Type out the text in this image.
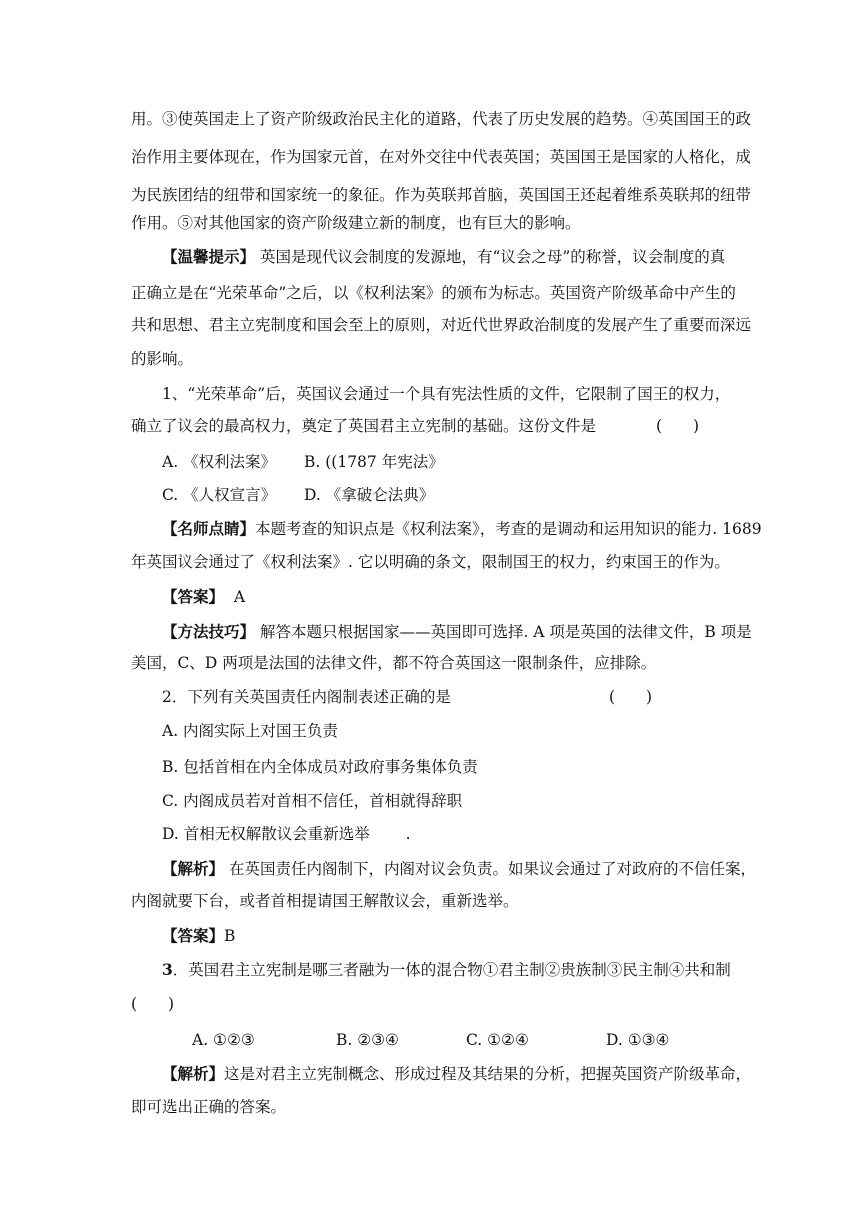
用。③使英国走上了资产阶级政治民主化的道路，代表了历史发展的趋势。④英国国王的政

治作用主要体现在，作为国家元首，在对外交往中代表英国；英国国王是国家的人格化，成

为民族团结的纽带和国家统一的象征。作为英联邦首脑，英国国王还起着维系英联邦的纽带

作用。⑤对其他国家的资产阶级建立新的制度，也有巨大的影响。

【温馨提示】 英国是现代议会制度的发源地，有“议会之母”的称誉，议会制度的真

正确立是在“光荣革命”之后，以《权利法案》的颁布为标志。英国资产阶级革命中产生的

共和思想、君主立宪制度和国会至上的原则，对近代世界政治制度的发展产生了重要而深远

的影响。

1、“光荣革命”后，英国议会通过一个具有宪法性质的文件，它限制了国王的权力，

确立了议会的最高权力，奠定了英国君主立宪制的基础。这份文件是	(　　)

A. 《权利法案》 B. ((1787 年宪法》

C. 《人权宣言》 D. 《拿破仑法典》

【名师点睛】本题考查的知识点是《权利法案》，考查的是调动和运用知识的能力. 1689

年英国议会通过了《权利法案》. 它以明确的条文，限制国王的权力，约束国王的作为。

【答案】  A

【方法技巧】 解答本题只根据国家——英国即可选择. A 项是英国的法律文件，B 项是

美国，C、D 两项是法国的法律文件，都不符合英国这一限制条件，应排除。

2．下列有关英国责任内阁制表述正确的是	(　　)

A. 内阁实际上对国王负责

B. 包括首相在内全体成员对政府事务集体负责

C. 内阁成员若对首相不信任，首相就得辞职

D. 首相无权解散议会重新选举　　 .

【解析】 在英国责任内阁制下，内阁对议会负责。如果议会通过了对政府的不信任案，

内阁就要下台，或者首相提请国王解散议会，重新选举。

【答案】B

3．英国君主立宪制是哪三者融为一体的混合物①君主制②贵族制③民主制④共和制

(　　)

A. ①②③	B. ②③④	C. ①②④	D. ①③④

【解析】这是对君主立宪制概念、形成过程及其结果的分析，把握英国资产阶级革命，

即可选出正确的答案。
